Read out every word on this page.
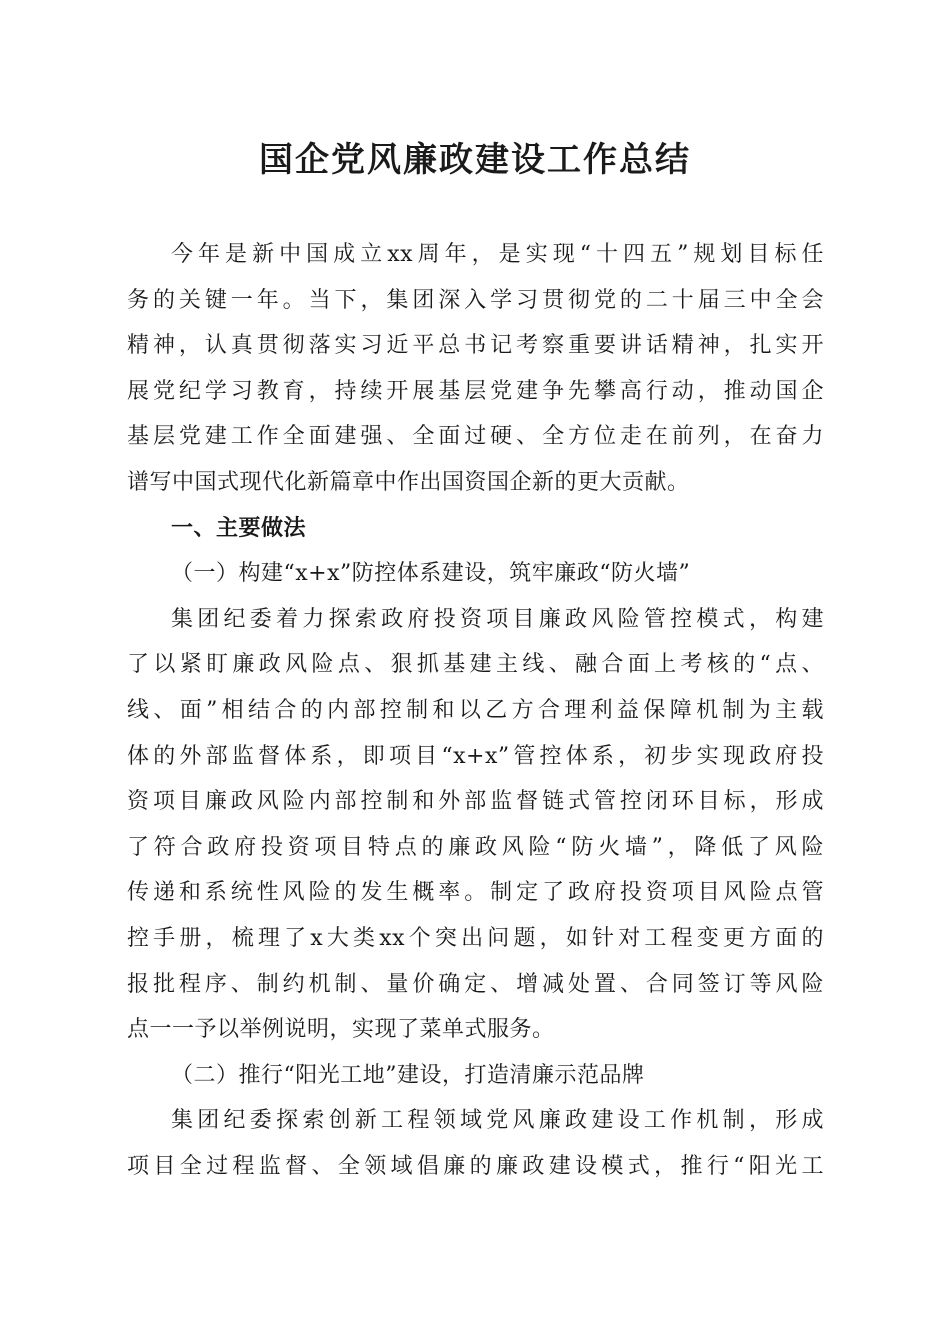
国企党风廉政建设工作总结
今年是新中国成立xx周年，是实现“十四五”规划目标任
务的关键一年。当下，集团深入学习贯彻党的二十届三中全会
精神，认真贯彻落实习近平总书记考察重要讲话精神，扎实开
展党纪学习教育，持续开展基层党建争先攀高行动，推动国企
基层党建工作全面建强、全面过硬、全方位走在前列，在奋力
谱写中国式现代化新篇章中作出国资国企新的更大贡献。
一、主要做法
（一）构建“x+x”防控体系建设，筑牢廉政“防火墙”
集团纪委着力探索政府投资项目廉政风险管控模式，构建
了以紧盯廉政风险点、狠抓基建主线、融合面上考核的“点、
线、面”相结合的内部控制和以乙方合理利益保障机制为主载
体的外部监督体系，即项目“x+x”管控体系，初步实现政府投
资项目廉政风险内部控制和外部监督链式管控闭环目标，形成
了符合政府投资项目特点的廉政风险“防火墙”，降低了风险
传递和系统性风险的发生概率。制定了政府投资项目风险点管
控手册，梳理了x大类xx个突出问题，如针对工程变更方面的
报批程序、制约机制、量价确定、增减处置、合同签订等风险
点一一予以举例说明，实现了菜单式服务。
（二）推行“阳光工地”建设，打造清廉示范品牌
集团纪委探索创新工程领域党风廉政建设工作机制，形成
项目全过程监督、全领域倡廉的廉政建设模式，推行“阳光工
